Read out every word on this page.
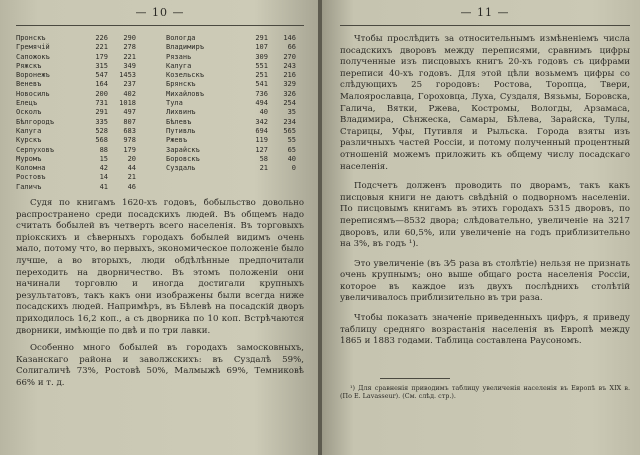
— 10 —
Пронскъ	226	290
Гремячій	221	278
Сапожокъ	179	221
Ряжскъ	315	349
Воронежъ	547	1453
Веневъ	164	237
Новосиль	200	402
Елецъ	731	1018
Осколъ	291	497
Бѣлгородъ	335	807
Калуга	528	683
Курскъ	568	978
Серпуховъ	88	179
Муромъ	15	20
Коломна	42	44
Ростовъ	14	21
Галичъ	41	46
Вологда	291	146
Владимиръ	107	66
Рязань	309	270
Калуга	551	243
Козельскъ	251	216
Брянскъ	541	329
Михайловъ	736	326
Тула	494	254
Лихвинъ	40	35
Бѣлевъ	342	234
Путивль	694	565
Ржевъ	119	55
Зарайскъ	127	65
Боровскъ	58	40
Суздаль	21	0

Судя по книгамъ 1620-хъ годовъ, бобыльство довольно распространено среди посадскихъ людей. Въ общемъ надо считать бобылей въ четверть всего населенія. Въ торговыхъ пріокскихъ и сѣверныхъ городахъ бобылей видимъ очень мало, потому что, во первыхъ, экономическое положеніе было лучше, а во вторыхъ, люди обдѣлѣнные предпочитали переходить на дворничество. Въ этомъ положеніи они начинали торговлю и иногда достигали крупныхъ результатовъ, такъ какъ они изображены были всегда ниже посадскихъ людей. Напримѣръ, въ Бѣлевѣ на посадскій дворъ приходилось 16,2 коп., а съ дворника по 10 коп. Встрѣчаются дворники, имѣющіе по двѣ и по три лавки.

Особенно много бобылей въ городахъ замосковныхъ, Казанскаго района и заволжскихъ: въ Суздалѣ 59%, Солигаличѣ 73%, Ростовѣ 50%, Малмыжѣ 69%, Темниковѣ 66% и т. д.

— 11 —

Чтобы прослѣдить за относительнымъ измѣненіемъ числа посадскихъ дворовъ между переписями, сравнимъ цифры полученные изъ писцовыхъ книгъ 20-хъ годовъ съ цифрами переписи 40-хъ годовъ. Для этой цѣли возьмемъ цифры со слѣдующихъ 25 городовъ: Ростова, Торопца, Твери, Малоярославца, Гороховца, Луха, Суздаля, Вязьмы, Боровска, Галича, Вятки, Ржева, Костромы, Вологды, Арзамаса, Владимира, Сѣнжеска, Самары, Бѣлева, Зарайска, Тулы, Старицы, Уфы, Путивля и Рыльска. Города взяты изъ различныхъ частей Россіи, и потому полученный процентный отношеній можемъ приложить къ общему числу посадскаго населенія.

Подсчетъ долженъ проводить по дворамъ, такъ какъ писцовыя книги не даютъ свѣдѣній о подворномъ населеніи. По писцовымъ книгамъ въ этихъ городахъ 5315 дворовъ, по переписямъ—8532 двора; слѣдовательно, увеличеніе на 3217 дворовъ, или 60,5%, или увеличеніе на годъ приблизительно на 3%, въ годъ ¹).

Это увеличеніе (въ 3⁄5 раза въ столѣтіе) нельзя не признать очень крупнымъ; оно выше общаго роста населенія Россіи, которое въ каждое изъ двухъ послѣднихъ столѣтій увеличивалось приблизительно въ три раза.

Чтобы показать значеніе приведенныхъ цифръ, я приведу таблицу средняго возрастанія населенія въ Европѣ между 1865 и 1883 годами. Таблица составлена Раусономъ.

¹) Для сравненія приводимъ таблицу увеличенія населенія въ Европѣ въ XIX в. (По E. Lavasseur). (См. слѣд. стр.).
